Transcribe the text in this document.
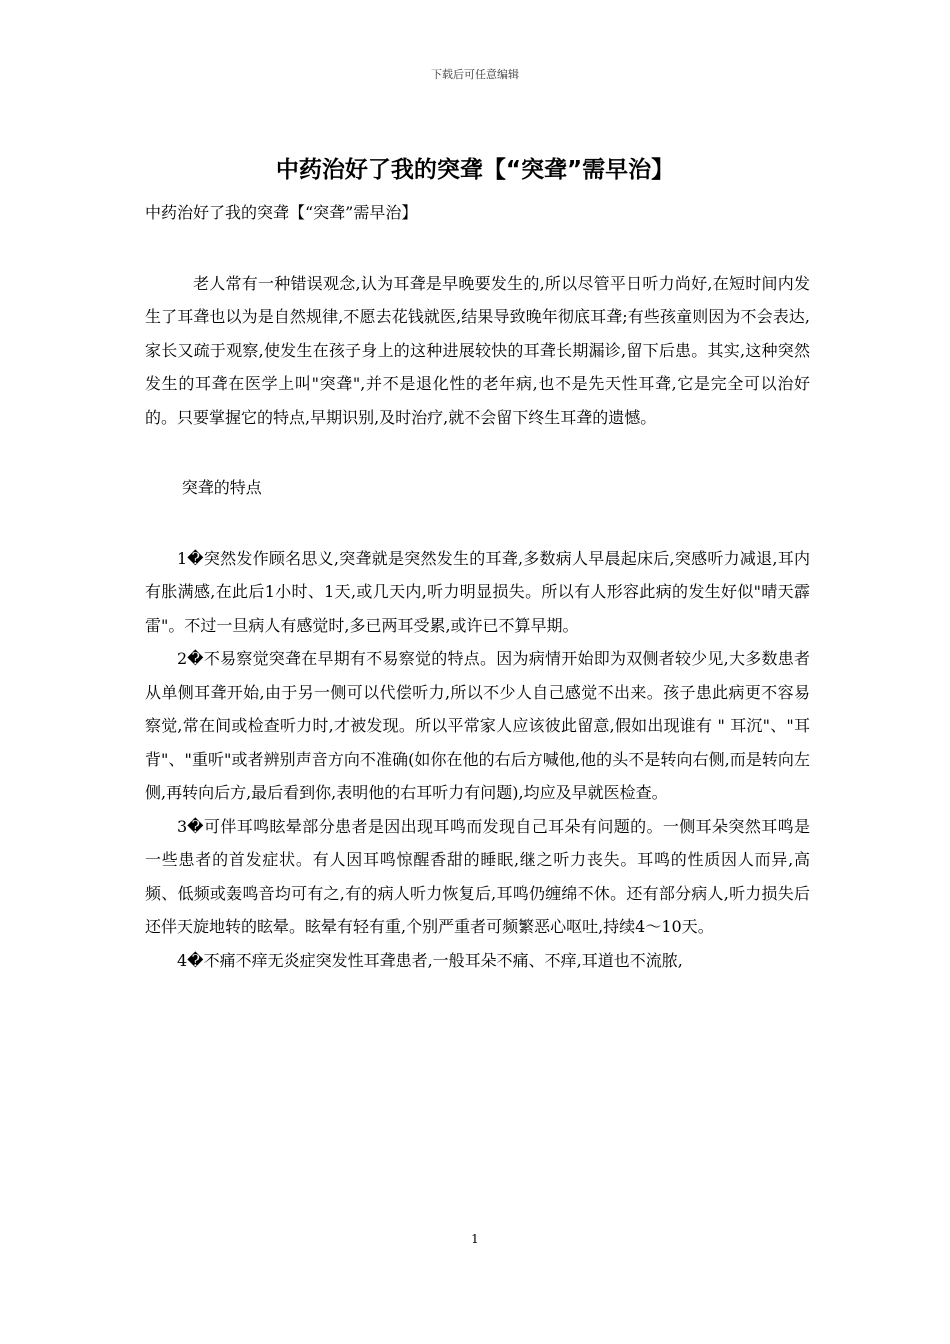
下载后可任意编辑
中药治好了我的突聋【“突聋”需早治】

中药治好了我的突聋【“突聋”需早治】

老人常有一种错误观念,认为耳聋是早晚要发生的,所以尽管平日听力尚好,在短时间内发生了耳聋也以为是自然规律,不愿去花钱就医,结果导致晚年彻底耳聋;有些孩童则因为不会表达,家长又疏于观察,使发生在孩子身上的这种进展较快的耳聋长期漏诊,留下后患。其实,这种突然发生的耳聋在医学上叫"突聋",并不是退化性的老年病,也不是先天性耳聋,它是完全可以治好的。只要掌握它的特点,早期识别,及时治疗,就不会留下终生耳聋的遗憾。

突聋的特点

1�突然发作顾名思义,突聋就是突然发生的耳聋,多数病人早晨起床后,突感听力减退,耳内有胀满感,在此后1小时、1天,或几天内,听力明显损失。所以有人形容此病的发生好似"晴天霹雷"。不过一旦病人有感觉时,多已两耳受累,或许已不算早期。

2�不易察觉突聋在早期有不易察觉的特点。因为病情开始即为双侧者较少见,大多数患者从单侧耳聋开始,由于另一侧可以代偿听力,所以不少人自己感觉不出来。孩子患此病更不容易察觉,常在间或检查听力时,才被发现。所以平常家人应该彼此留意,假如出现谁有 " 耳沉"、"耳背"、"重听"或者辨别声音方向不准确(如你在他的右后方喊他,他的头不是转向右侧,而是转向左侧,再转向后方,最后看到你,表明他的右耳听力有问题),均应及早就医检查。

3�可伴耳鸣眩晕部分患者是因出现耳鸣而发现自己耳朵有问题的。一侧耳朵突然耳鸣是一些患者的首发症状。有人因耳鸣惊醒香甜的睡眠,继之听力丧失。耳鸣的性质因人而异,高频、低频或轰鸣音均可有之,有的病人听力恢复后,耳鸣仍缠绵不休。还有部分病人,听力损失后还伴天旋地转的眩晕。眩晕有轻有重,个别严重者可频繁恶心呕吐,持续4～10天。

4�不痛不痒无炎症突发性耳聋患者,一般耳朵不痛、不痒,耳道也不流脓,

1
